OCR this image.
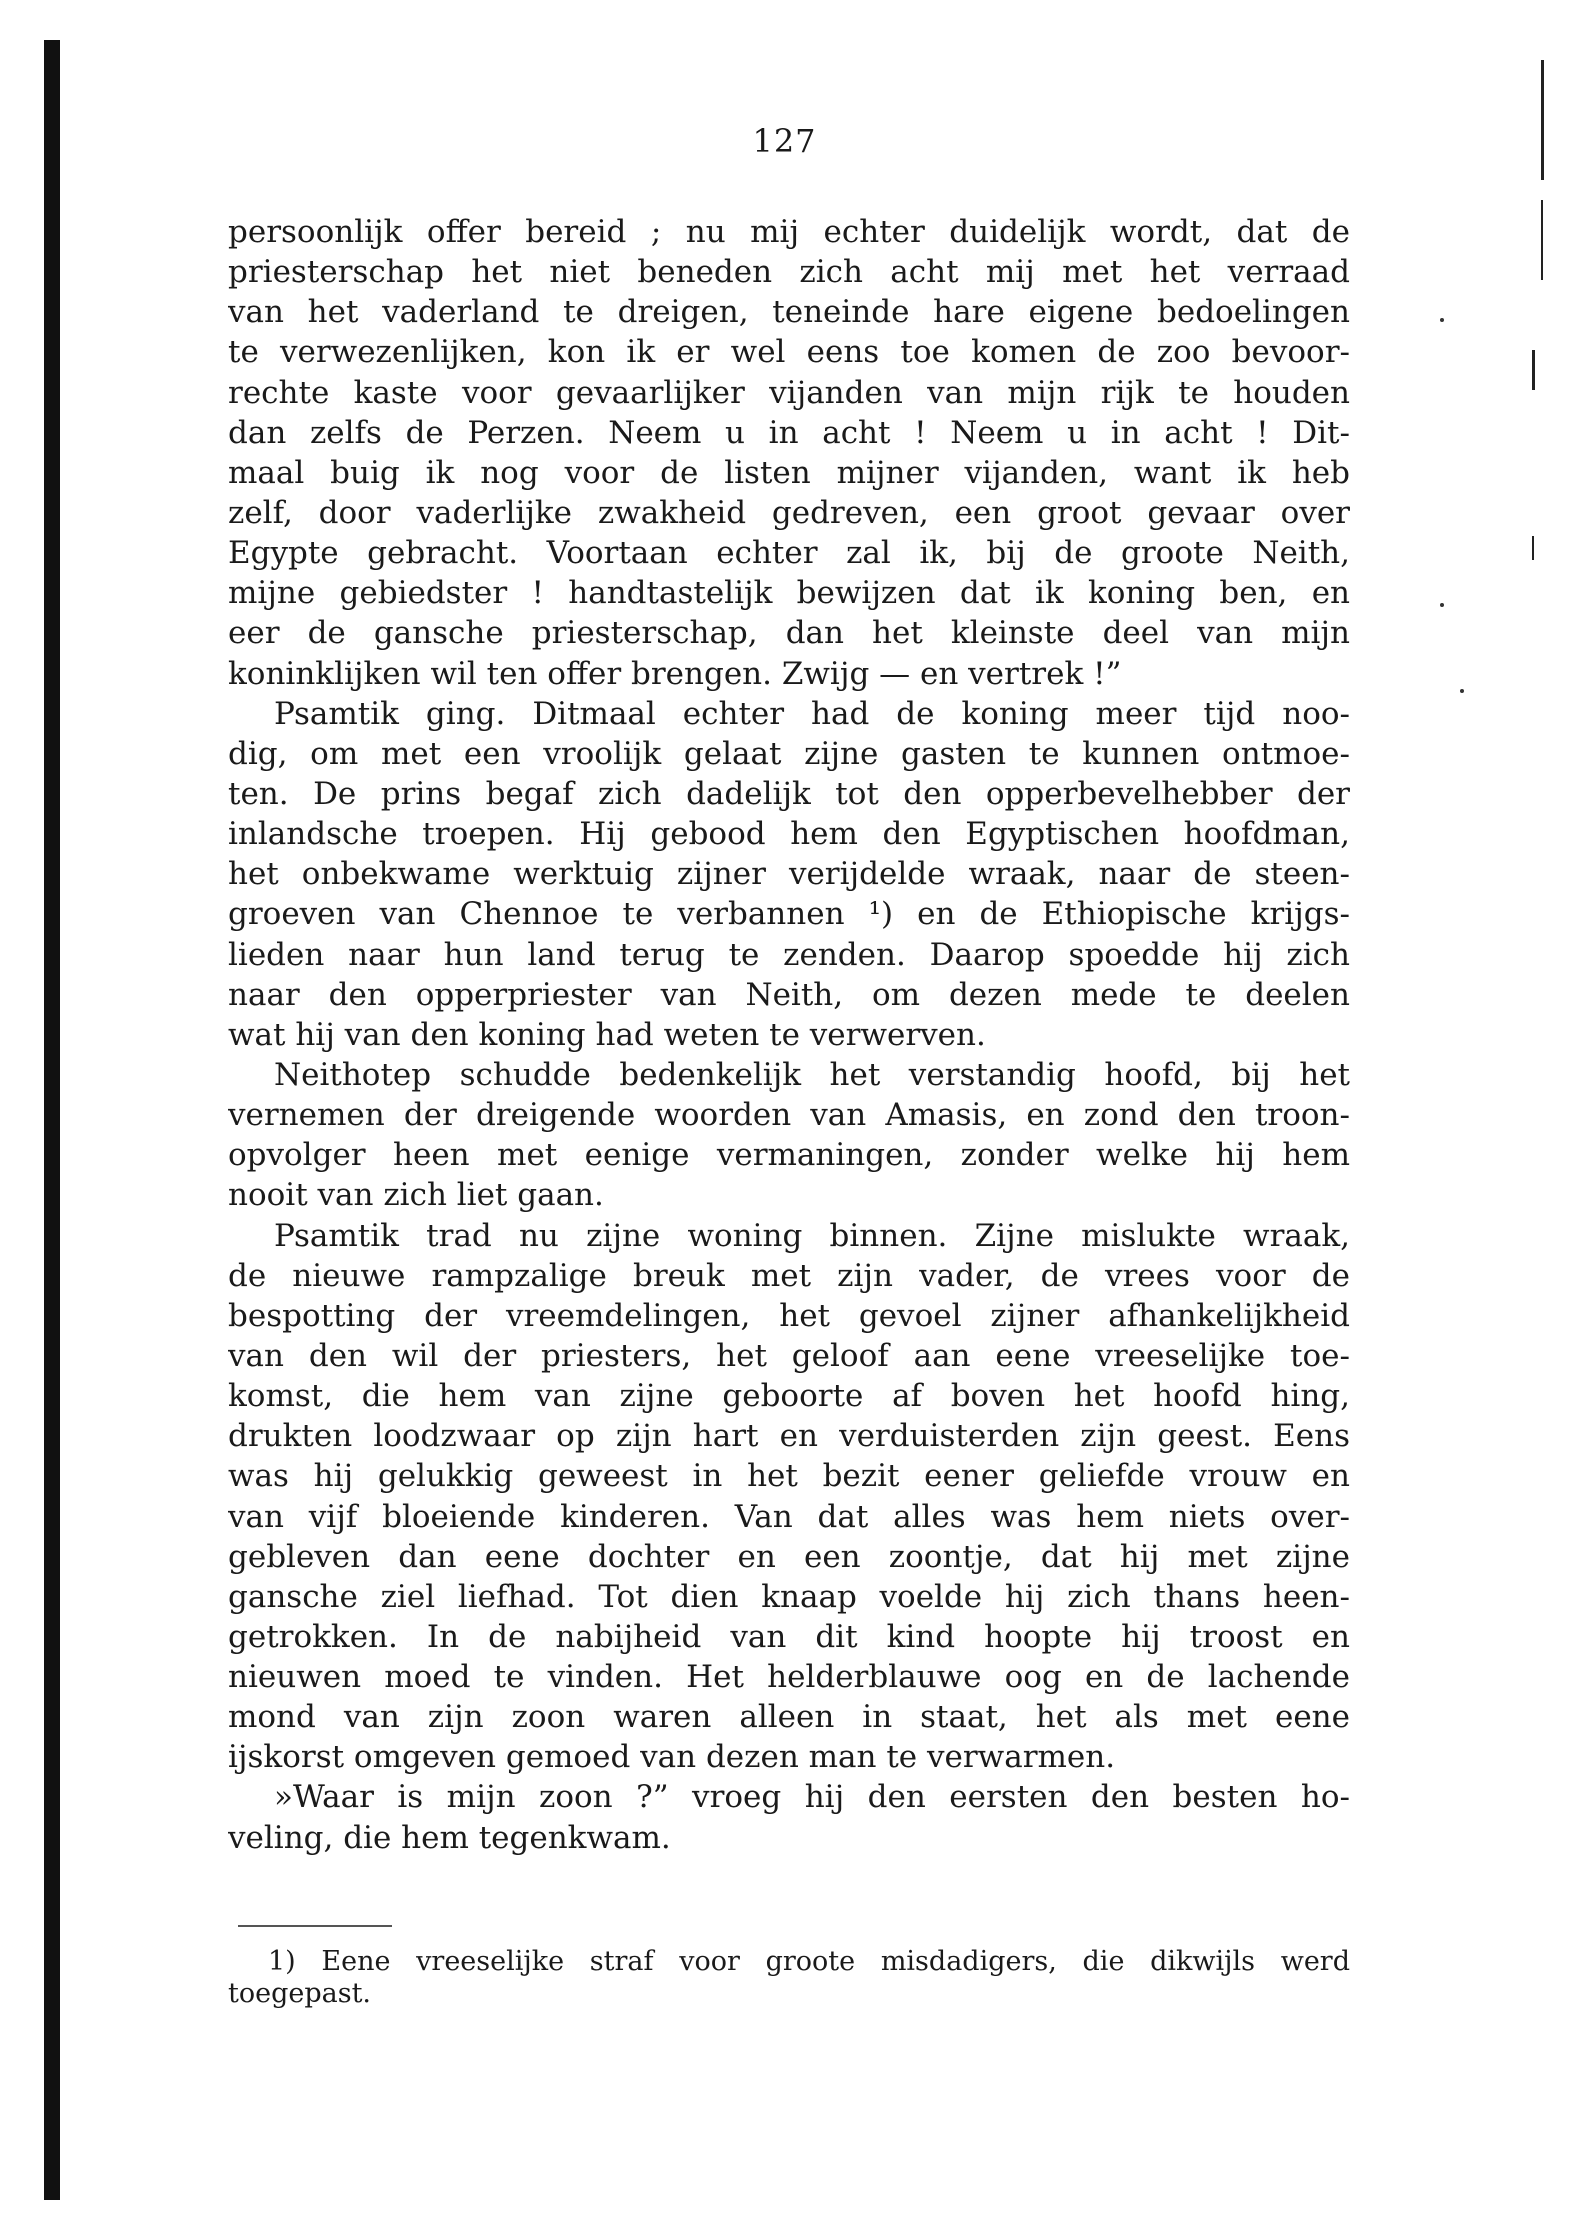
127
persoonlijk offer bereid ; nu mij echter duidelijk wordt, dat de
priesterschap het niet beneden zich acht mij met het verraad
van het vaderland te dreigen, teneinde hare eigene bedoelingen
te verwezenlijken, kon ik er wel eens toe komen de zoo bevoor-
rechte kaste voor gevaarlijker vijanden van mijn rijk te houden
dan zelfs de Perzen. Neem u in acht ! Neem u in acht ! Dit-
maal buig ik nog voor de listen mijner vijanden, want ik heb
zelf, door vaderlijke zwakheid gedreven, een groot gevaar over
Egypte gebracht. Voortaan echter zal ik, bij de groote Neith,
mijne gebiedster ! handtastelijk bewijzen dat ik koning ben, en
eer de gansche priesterschap, dan het kleinste deel van mijn
koninklijken wil ten offer brengen. Zwijg — en vertrek !”
Psamtik ging. Ditmaal echter had de koning meer tijd noo-
dig, om met een vroolijk gelaat zijne gasten te kunnen ontmoe-
ten. De prins begaf zich dadelijk tot den opperbevelhebber der
inlandsche troepen. Hij gebood hem den Egyptischen hoofdman,
het onbekwame werktuig zijner verijdelde wraak, naar de steen-
groeven van Chennoe te verbannen ¹) en de Ethiopische krijgs-
lieden naar hun land terug te zenden. Daarop spoedde hij zich
naar den opperpriester van Neith, om dezen mede te deelen
wat hij van den koning had weten te verwerven.
Neithotep schudde bedenkelijk het verstandig hoofd, bij het
vernemen der dreigende woorden van Amasis, en zond den troon-
opvolger heen met eenige vermaningen, zonder welke hij hem
nooit van zich liet gaan.
Psamtik trad nu zijne woning binnen. Zijne mislukte wraak,
de nieuwe rampzalige breuk met zijn vader, de vrees voor de
bespotting der vreemdelingen, het gevoel zijner afhankelijkheid
van den wil der priesters, het geloof aan eene vreeselijke toe-
komst, die hem van zijne geboorte af boven het hoofd hing,
drukten loodzwaar op zijn hart en verduisterden zijn geest. Eens
was hij gelukkig geweest in het bezit eener geliefde vrouw en
van vijf bloeiende kinderen. Van dat alles was hem niets over-
gebleven dan eene dochter en een zoontje, dat hij met zijne
gansche ziel liefhad. Tot dien knaap voelde hij zich thans heen-
getrokken. In de nabijheid van dit kind hoopte hij troost en
nieuwen moed te vinden. Het helderblauwe oog en de lachende
mond van zijn zoon waren alleen in staat, het als met eene
ijskorst omgeven gemoed van dezen man te verwarmen.
»Waar is mijn zoon ?” vroeg hij den eersten den besten ho-
veling, die hem tegenkwam.
1) Eene vreeselijke straf voor groote misdadigers, die dikwijls werd
toegepast.
